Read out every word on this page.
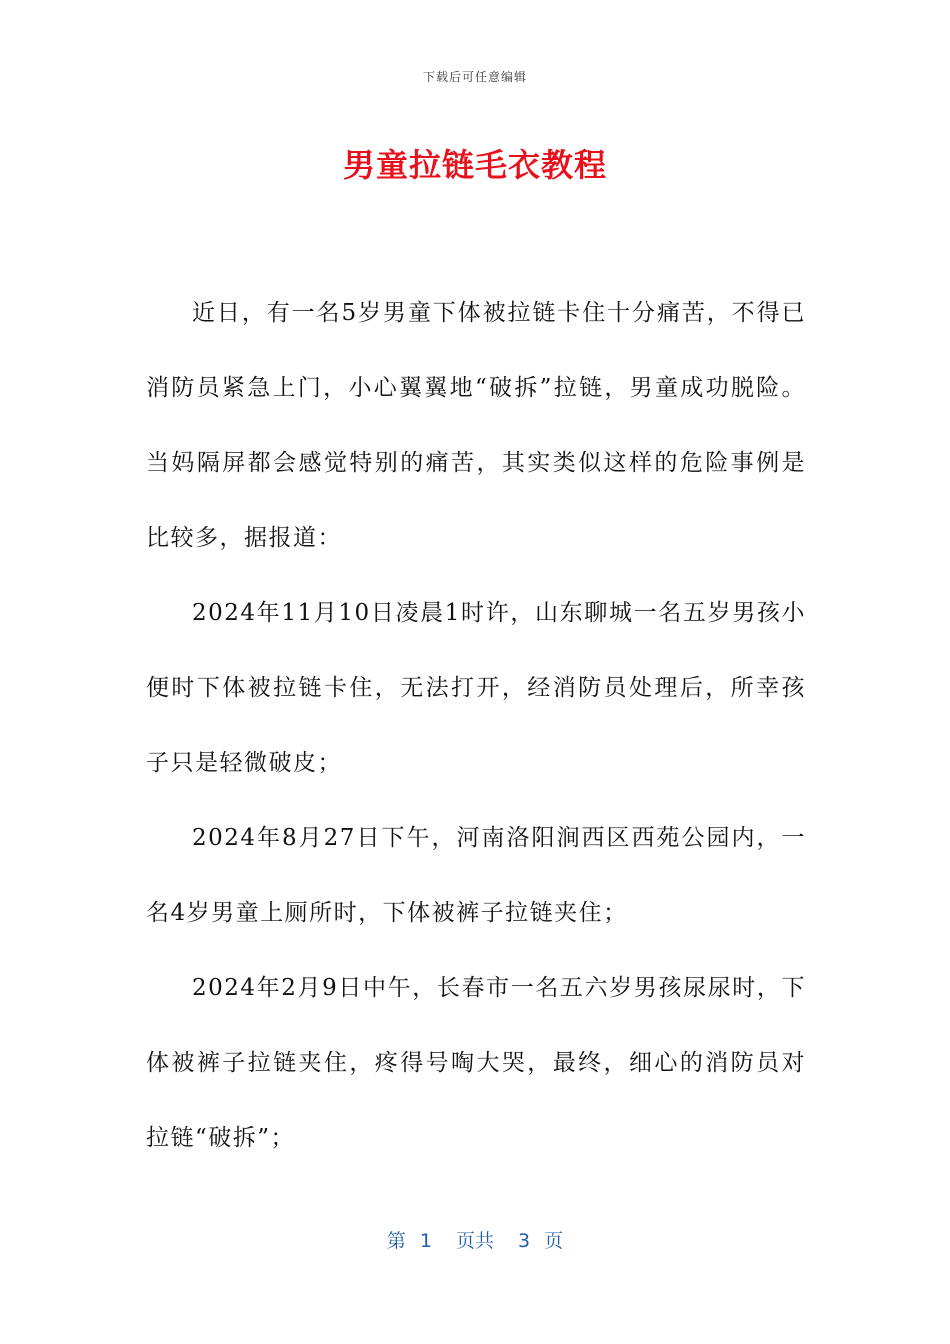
下载后可任意编辑
男童拉链毛衣教程

近日，有一名5岁男童下体被拉链卡住十分痛苦，不得已消防员紧急上门，小心翼翼地“破拆”拉链，男童成功脱险。当妈隔屏都会感觉特别的痛苦，其实类似这样的危险事例是比较多，据报道：

2024年11月10日凌晨1时许，山东聊城一名五岁男孩小便时下体被拉链卡住，无法打开，经消防员处理后，所幸孩子只是轻微破皮；

2024年8月27日下午，河南洛阳涧西区西苑公园内，一名4岁男童上厕所时，下体被裤子拉链夹住；

2024年2月9日中午，长春市一名五六岁男孩尿尿时，下体被裤子拉链夹住，疼得号啕大哭，最终，细心的消防员对拉链“破拆”；

第 1 页共 3 页
